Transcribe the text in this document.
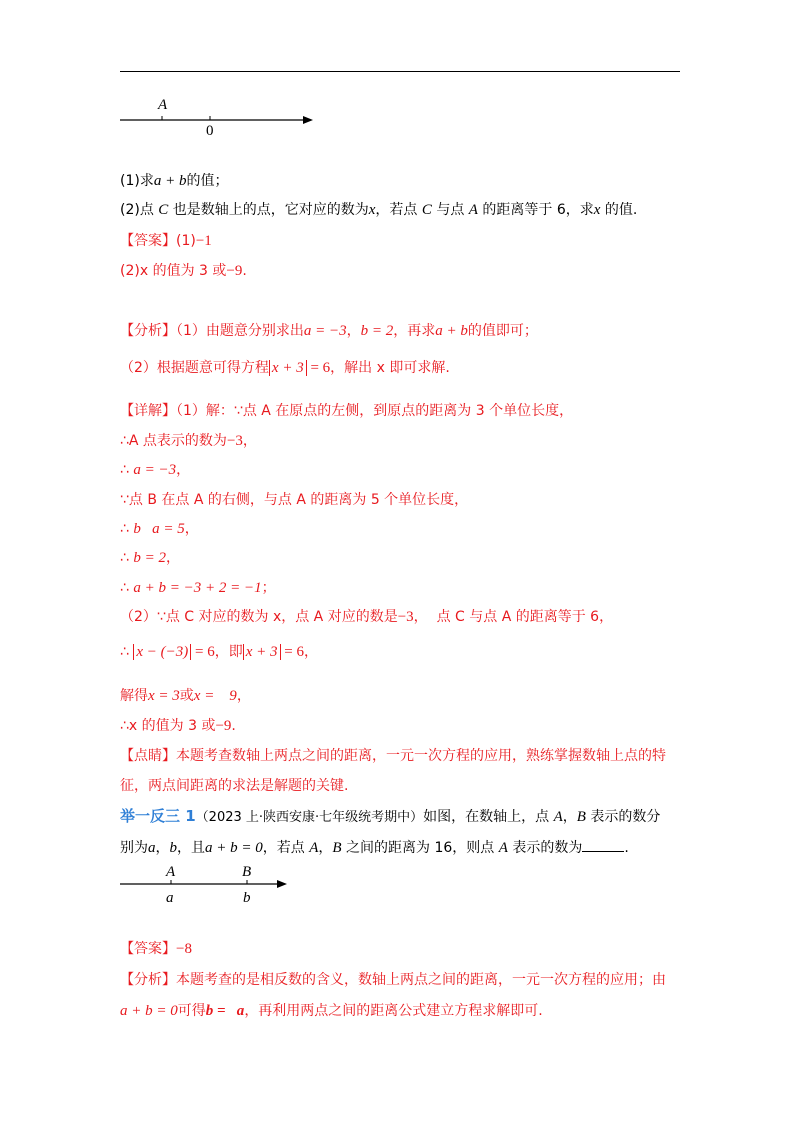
A
0
(1)求a + b的值；
(2)点 C 也是数轴上的点，它对应的数为x，若点 C 与点 A 的距离等于 6，求x 的值.
【答案】(1)−1
(2)x 的值为 3 或−9.
【分析】（1）由题意分别求出a = −3，b = 2，再求a + b的值即可；
（2）根据题意可得方程 x + 3 = 6，解出 x 即可求解.
【详解】（1）解：∵点 A 在原点的左侧，到原点的距离为 3 个单位长度，
∴A 点表示的数为−3，
∴ a = −3，
∵点 B 在点 A 的右侧，与点 A 的距离为 5 个单位长度，
∴ b   a = 5，
∴ b = 2，
∴ a + b = −3 + 2 = −1；
（2）∵点 C 对应的数为 x，点 A 对应的数是−3，  点 C 与点 A 的距离等于 6，
∴ x − (−3) = 6，即 x + 3 = 6，
解得x = 3或x =    9，
∴x 的值为 3 或−9.
【点睛】本题考查数轴上两点之间的距离，一元一次方程的应用，熟练掌握数轴上点的特
征，两点间距离的求法是解题的关键.
举一反三 1（2023 上·陕西安康·七年级统考期中）如图，在数轴上，点 A，B 表示的数分
别为a，b，且a + b = 0，若点 A，B 之间的距离为 16，则点 A 表示的数为	.
A
a
B
b
【答案】−8
【分析】本题考查的是相反数的含义，数轴上两点之间的距离，一元一次方程的应用；由
a + b = 0可得b =   a，再利用两点之间的距离公式建立方程求解即可.
